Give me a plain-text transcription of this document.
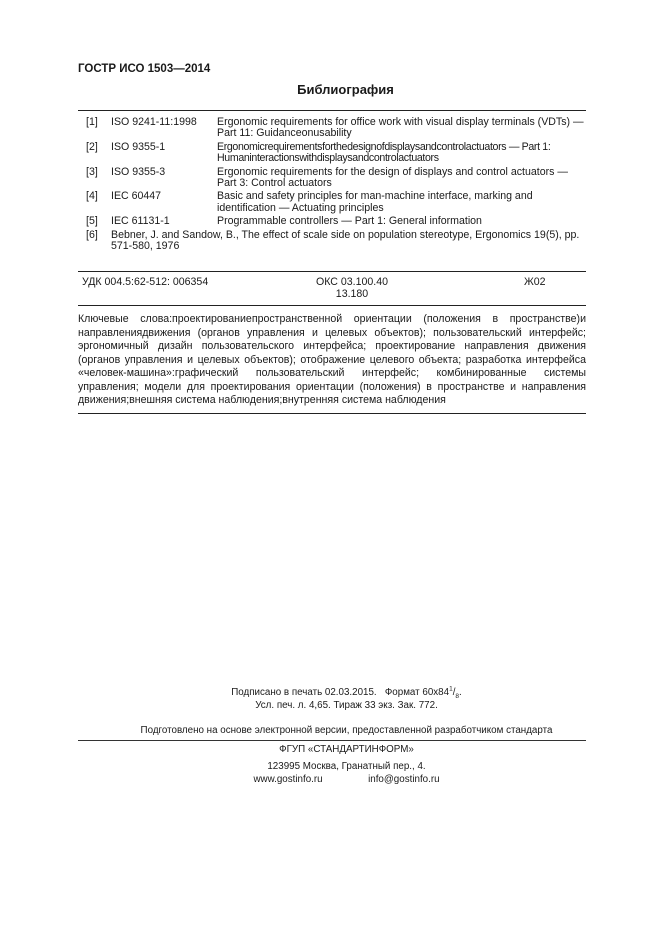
ГОСТР ИСО 1503—2014
Библиография
[1] ISO 9241-11:1998 Ergonomic requirements for office work with visual display terminals (VDTs) —
Part 11: Guidanceonusability
[2] ISO 9355-1	Ergonomicrequirementsforthedesignofdisplaysandcontrolactuators — Part 1:
Humaninteractionswithdisplaysandcontrolactuators
[3] ISO 9355-3	Ergonomic requirements for the design of displays and control actuators —
Part 3: Control actuators
[4] IEC 60447	Basic and safety principles for man-machine interface, marking and
identification — Actuating principles
[5] IEC 61131-1	Programmable controllers — Part 1: General information
[6] Bebner, J. and Sandow, B., The effect of scale side on population stereotype, Ergonomics 19(5), pp.
571-580, 1976
УДК 004.5:62-512: 006354	ОКС 03.100.40
13.180
Ж02
Ключевые слова:проектированиепространственной ориентации (положения в пространстве)и направлениядвижения (органов управления и целевых объектов); пользовательский интерфейс; эргономичный дизайн пользовательского интерфейса; проектирование направления движения (органов управления и целевых объектов); отображение целевого объекта; разработка интерфейса «человек-машина»:графический пользовательский интерфейс; комбинированные системы управления; модели для проектирования ориентации (положения) в пространстве и направления движения;внешняя система наблюдения;внутренняя система наблюдения
Подписано в печать 02.03.2015. Формат $60x84^1/_8$.
Усл. печ. л. 4,65. Тираж 33 экз. Зак. 772.
Подготовлено на основе электронной версии, предоставленной разработчиком стандарта
ФГУП «СТАНДАРТИНФОРМ»
123995 Москва, Гранатный пер., 4.
www.gostinfo.ru	info@gostinfo.ru
